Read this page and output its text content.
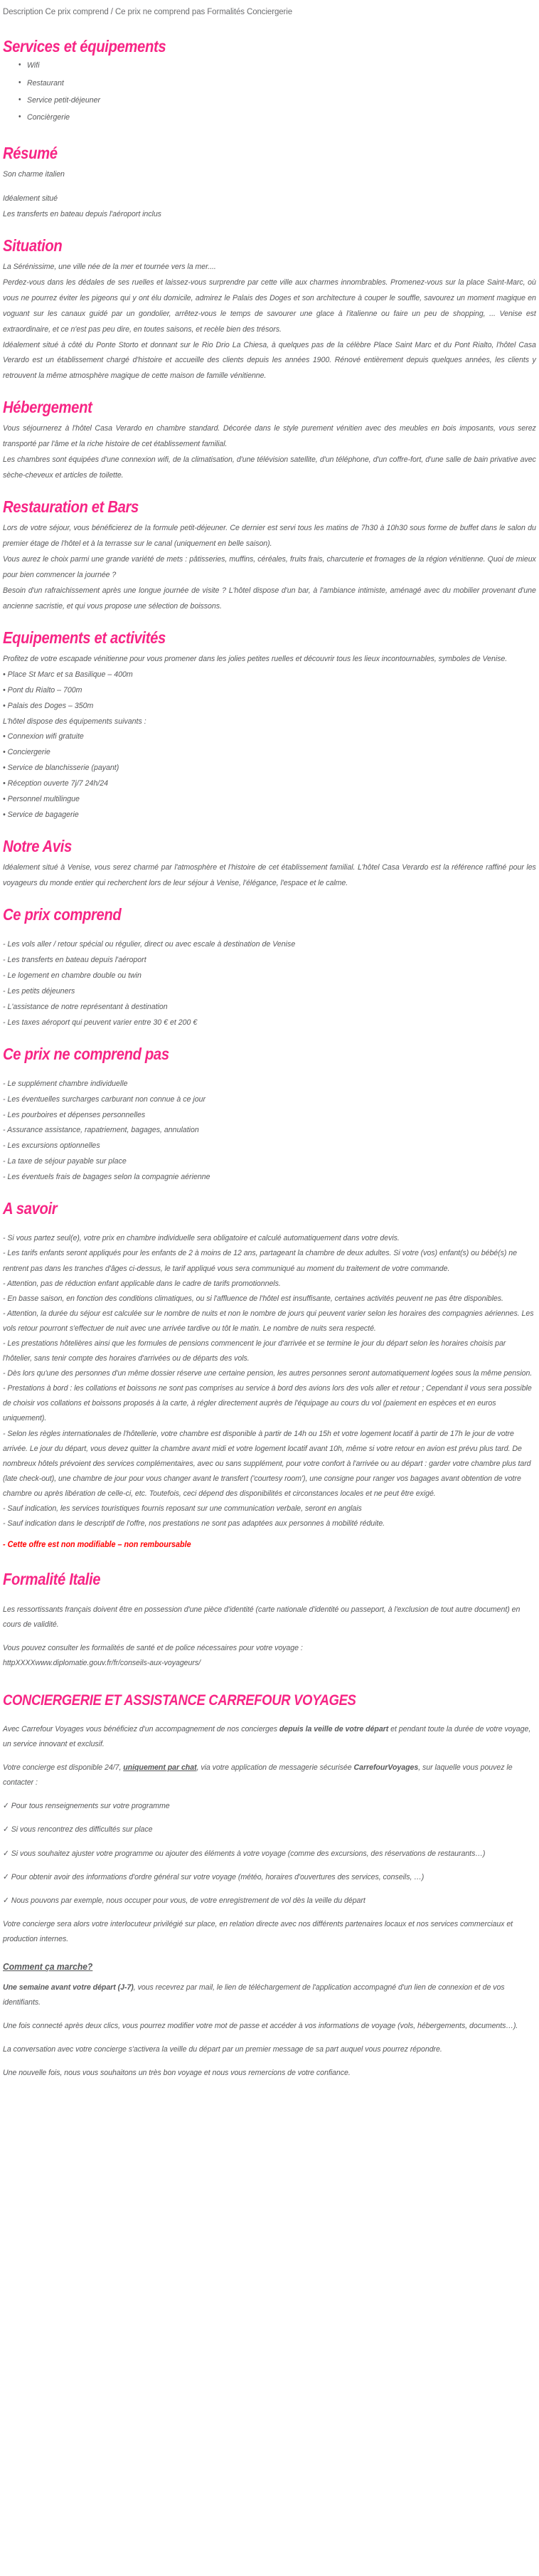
Description Ce prix comprend / Ce prix ne comprend pas Formalités Conciergerie
Services et équipements
• Wifi
• Restaurant
• Service petit-déjeuner
• Concièrgerie
Résumé

Son charme italien

Idéalement situé

Les transferts en bateau depuis l'aéroport inclus

Situation

La Sérénissime, une ville née de la mer et tournée vers la mer....

Perdez-vous dans les dédales de ses ruelles et laissez-vous surprendre par cette ville aux charmes innombrables. Promenez-vous sur la place Saint-Marc, où vous ne pourrez éviter les pigeons qui y ont élu domicile, admirez le Palais des Doges et son architecture à couper le souffle, savourez un moment magique en voguant sur les canaux guidé par un gondolier, arrêtez-vous le temps de savourer une glace à l'italienne ou faire un peu de shopping, ... Venise est extraordinaire, et ce n'est pas peu dire, en toutes saisons, et recèle bien des trésors.

Idéalement situé à côté du Ponte Storto et donnant sur le Rio Drio La Chiesa, à quelques pas de la célèbre Place Saint Marc et du Pont Rialto, l'hôtel Casa Verardo est un établissement chargé d'histoire et accueille des clients depuis les années 1900. Rénové entièrement depuis quelques années, les clients y retrouvent la même atmosphère magique de cette maison de famille vénitienne.

Hébergement

Vous séjournerez à l'hôtel Casa Verardo en chambre standard. Décorée dans le style purement vénitien avec des meubles en bois imposants, vous serez transporté par l'âme et la riche histoire de cet établissement familial.

Les chambres sont équipées d'une connexion wifi, de la climatisation, d'une télévision satellite, d'un téléphone, d'un coffre-fort, d'une salle de bain privative avec sèche-cheveux et articles de toilette.

Restauration et Bars

Lors de votre séjour, vous bénéficierez de la formule petit-déjeuner. Ce dernier est servi tous les matins de 7h30 à 10h30 sous forme de buffet dans le salon du premier étage de l'hôtel et à la terrasse sur le canal (uniquement en belle saison).

Vous aurez le choix parmi une grande variété de mets : pâtisseries, muffins, céréales, fruits frais, charcuterie et fromages de la région vénitienne. Quoi de mieux pour bien commencer la journée ?

Besoin d'un rafraichissement après une longue journée de visite ? L'hôtel dispose d'un bar, à l'ambiance intimiste, aménagé avec du mobilier provenant d'une ancienne sacristie, et qui vous propose une sélection de boissons.

Equipements et activités

Profitez de votre escapade vénitienne pour vous promener dans les jolies petites ruelles et découvrir tous les lieux incontournables, symboles de Venise.

• Place St Marc et sa Basilique – 400m
• Pont du Rialto – 700m
• Palais des Doges – 350m
L'hôtel dispose des équipements suivants :
• Connexion wifi gratuite
• Conciergerie
• Service de blanchisserie (payant)
• Réception ouverte 7j/7 24h/24
• Personnel multilingue
• Service de bagagerie
Notre Avis

Idéalement situé à Venise, vous serez charmé par l'atmosphère et l'histoire de cet établissement familial. L'hôtel Casa Verardo est la référence raffiné pour les voyageurs du monde entier qui recherchent lors de leur séjour à Venise, l'élégance, l'espace et le calme.

Ce prix comprend
- Les vols aller / retour spécial ou régulier, direct ou avec escale à destination de Venise
- Les transferts en bateau depuis l'aéroport
- Le logement en chambre double ou twin
- Les petits déjeuners
- L'assistance de notre représentant à destination
- Les taxes aéroport qui peuvent varier entre 30 € et 200 €
Ce prix ne comprend pas
- Le supplément chambre individuelle
- Les éventuelles surcharges carburant non connue à ce jour
- Les pourboires et dépenses personnelles
- Assurance assistance, rapatriement, bagages, annulation
- Les excursions optionnelles
- La taxe de séjour payable sur place
- Les éventuels frais de bagages selon la compagnie aérienne
A savoir

- Si vous partez seul(e), votre prix en chambre individuelle sera obligatoire et calculé automatiquement dans votre devis.

- Les tarifs enfants seront appliqués pour les enfants de 2 à moins de 12 ans, partageant la chambre de deux adultes. Si votre (vos) enfant(s) ou bébé(s) ne rentrent pas dans les tranches d'âges ci-dessus, le tarif appliqué vous sera communiqué au moment du traitement de votre commande.

- Attention, pas de réduction enfant applicable dans le cadre de tarifs promotionnels.

- En basse saison, en fonction des conditions climatiques, ou si l'affluence de l'hôtel est insuffisante, certaines activités peuvent ne pas être disponibles.

- Attention, la durée du séjour est calculée sur le nombre de nuits et non le nombre de jours qui peuvent varier selon les horaires des compagnies aériennes. Les vols retour pourront s'effectuer de nuit avec une arrivée tardive ou tôt le matin. Le nombre de nuits sera respecté.

- Les prestations hôtelières ainsi que les formules de pensions commencent le jour d'arrivée et se termine le jour du départ selon les horaires choisis par l'hôtelier, sans tenir compte des horaires d'arrivées ou de départs des vols.

- Dès lors qu'une des personnes d'un même dossier réserve une certaine pension, les autres personnes seront automatiquement logées sous la même pension.

- Prestations à bord : les collations et boissons ne sont pas comprises au service à bord des avions lors des vols aller et retour ; Cependant il vous sera possible de choisir vos collations et boissons proposés à la carte, à régler directement auprès de l'équipage au cours du vol (paiement en espèces et en euros uniquement).

- Selon les règles internationales de l'hôtellerie, votre chambre est disponible à partir de 14h ou 15h et votre logement locatif à partir de 17h le jour de votre arrivée. Le jour du départ, vous devez quitter la chambre avant midi et votre logement locatif avant 10h, même si votre retour en avion est prévu plus tard. De nombreux hôtels prévoient des services complémentaires, avec ou sans supplément, pour votre confort à l'arrivée ou au départ : garder votre chambre plus tard (late check-out), une chambre de jour pour vous changer avant le transfert ('courtesy room'), une consigne pour ranger vos bagages avant obtention de votre chambre ou après libération de celle-ci, etc. Toutefois, ceci dépend des disponibilités et circonstances locales et ne peut être exigé.

- Sauf indication, les services touristiques fournis reposant sur une communication verbale, seront en anglais

- Sauf indication dans le descriptif de l'offre, nos prestations ne sont pas adaptées aux personnes à mobilité réduite.

- Cette offre est non modifiable – non remboursable
Formalité Italie

Les ressortissants français doivent être en possession d'une pièce d'identité (carte nationale d'identité ou passeport, à l'exclusion de tout autre document) en cours de validité.

Vous pouvez consulter les formalités de santé et de police nécessaires pour votre voyage :

httpXXXXwww.diplomatie.gouv.fr/fr/conseils-aux-voyageurs/

CONCIERGERIE ET ASSISTANCE CARREFOUR VOYAGES

Avec Carrefour Voyages vous bénéficiez d'un accompagnement de nos concierges depuis la veille de votre départ et pendant toute la durée de votre voyage, un service innovant et exclusif.

Votre concierge est disponible 24/7, uniquement par chat, via votre application de messagerie sécurisée CarrefourVoyages, sur laquelle vous pouvez le contacter :

✓ Pour tous renseignements sur votre programme

✓ Si vous rencontrez des difficultés sur place

✓ Si vous souhaitez ajuster votre programme ou ajouter des éléments à votre voyage (comme des excursions, des réservations de restaurants…)

✓ Pour obtenir avoir des informations d'ordre général sur votre voyage (météo, horaires d'ouvertures des services, conseils, …)

✓ Nous pouvons par exemple, nous occuper pour vous, de votre enregistrement de vol dès la veille du départ

Votre concierge sera alors votre interlocuteur privilégié sur place, en relation directe avec nos différents partenaires locaux et nos services commerciaux et production internes.

Comment ça marche?

Une semaine avant votre départ (J-7), vous recevrez par mail, le lien de téléchargement de l'application accompagné d'un lien de connexion et de vos identifiants.

Une fois connecté après deux clics, vous pourrez modifier votre mot de passe et accéder à vos informations de voyage (vols, hébergements, documents…).

La conversation avec votre concierge s'activera la veille du départ par un premier message de sa part auquel vous pourrez répondre.

Une nouvelle fois, nous vous souhaitons un très bon voyage et nous vous remercions de votre confiance.
